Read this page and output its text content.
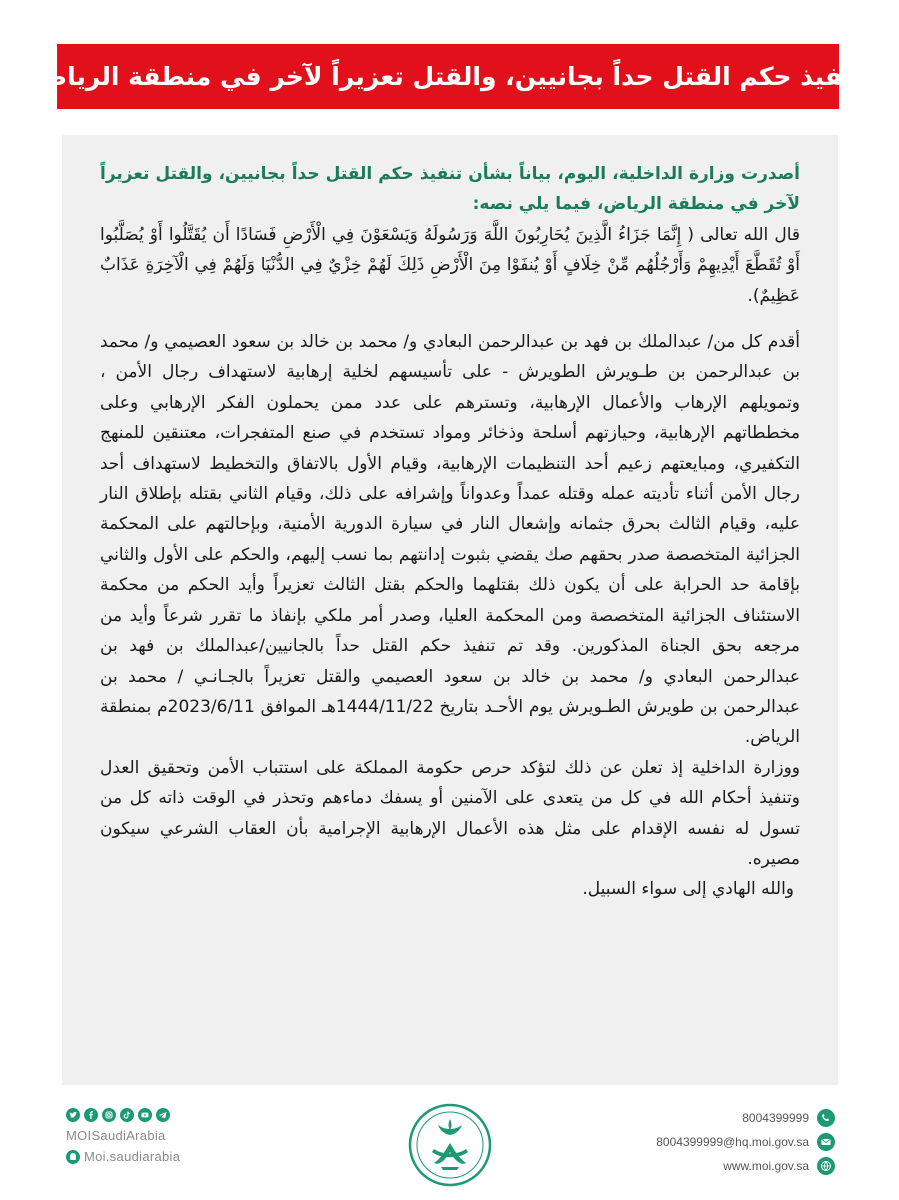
تنفيذ حكم القتل حداً بجانيين، والقتل تعزيراً لآخر في منطقة الرياض

أصدرت وزارة الداخلية، اليوم، بياناً بشأن تنفيذ حكم القتل حداً بجانيين، والقتل تعزيراً لآخر في منطقة الرياض، فيما يلي نصه:

قال الله تعالى ( إِنَّمَا جَزَاءُ الَّذِينَ يُحَارِبُونَ اللَّهَ وَرَسُولَهُ وَيَسْعَوْنَ فِي الْأَرْضِ فَسَادًا أَن يُقَتَّلُوا أَوْ يُصَلَّبُوا أَوْ تُقَطَّعَ أَيْدِيهِمْ وَأَرْجُلُهُم مِّنْ خِلَافٍ أَوْ يُنفَوْا مِنَ الْأَرْضِ ذَلِكَ لَهُمْ خِزْيٌ فِي الدُّنْيَا وَلَهُمْ فِي الْآخِرَةِ عَذَابٌ عَظِيمٌ).

أقدم كل من/ عبدالملك بن فهد بن عبدالرحمن البعادي و/ محمد بن خالد بن سعود العصيمي و/ محمد بن عبدالرحمن بن طـويرش الطويرش - على تأسيسهم لخلية إرهابية لاستهداف رجال الأمن ، وتمويلهم الإرهاب والأعمال الإرهابية، وتسترهم على عدد ممن يحملون الفكر الإرهابي وعلى مخططاتهم الإرهابية، وحيازتهم أسلحة وذخائر ومواد تستخدم في صنع المتفجرات، معتنقين للمنهج التكفيري، ومبايعتهم زعيم أحد التنظيمات الإرهابية، وقيام الأول بالاتفاق والتخطيط لاستهداف أحد رجال الأمن أثناء تأديته عمله وقتله عمداً وعدواناً وإشرافه على ذلك، وقيام الثاني بقتله بإطلاق النار عليه، وقيام الثالث بحرق جثمانه وإشعال النار في سيارة الدورية الأمنية، وبإحالتهم على المحكمة الجزائية المتخصصة صدر بحقهم صك يقضي بثبوت إدانتهم بما نسب إليهم، والحكم على الأول والثاني بإقامة حد الحرابة على أن يكون ذلك بقتلهما والحكم بقتل الثالث تعزيراً وأيد الحكم من محكمة الاستئناف الجزائية المتخصصة ومن المحكمة العليا، وصدر أمر ملكي بإنفاذ ما تقرر شرعاً وأيد من مرجعه بحق الجناة المذكورين. وقد تم تنفيذ حكم القتل حداً بالجانيين/عبدالملك بن فهد بن عبدالرحمن البعادي و/ محمد بن خالد بن سعود العصيمي والقتل تعزيراً بالجـانـي / محمد بن عبدالرحمن بن طويرش الطـويرش يوم الأحـد بتاريخ 1444/11/22هـ الموافق 2023/6/11م بمنطقة الرياض.

ووزارة الداخلية إذ تعلن عن ذلك لتؤكد حرص حكومة المملكة على استتباب الأمن وتحقيق العدل وتنفيذ أحكام الله في كل من يتعدى على الآمنين أو يسفك دماءهم وتحذر في الوقت ذاته كل من تسول له نفسه الإقدام على مثل هذه الأعمال الإرهابية الإجرامية بأن العقاب الشرعي سيكون مصيره.

والله الهادي إلى سواء السبيل.

MOISaudiArabia
Moi.saudiarabia
8004399999
8004399999@hq.moi.gov.sa
www.moi.gov.sa
